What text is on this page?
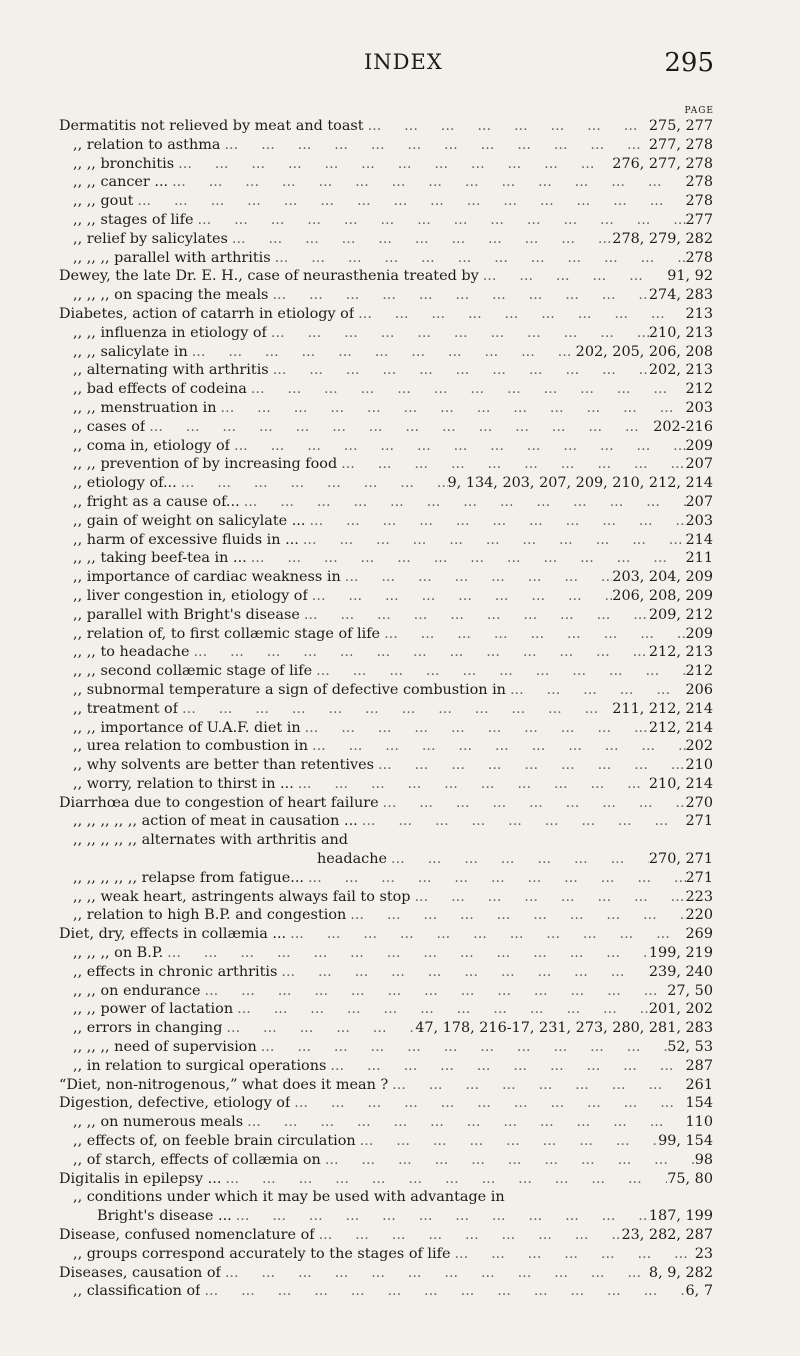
INDEX	295
PAGE
Dermatitis not relieved by meat and toast ...	275, 277
,, relation to asthma ...	277, 278
,, ,, bronchitis ...	276, 277, 278
,, ,, cancer ... ...	278
,, ,, gout ...	278
,, ,, stages of life ...	277
,, relief by salicylates ...	278, 279, 282
,, ,, ,, parallel with arthritis ...	278
Dewey, the late Dr. E. H., case of neurasthenia treated by ...	91, 92
,, ,, ,, on spacing the meals ...	274, 283
Diabetes, action of catarrh in etiology of ...	213
,, ,, influenza in etiology of ...	210, 213
,, ,, salicylate in ...	202, 205, 206, 208
,, alternating with arthritis ...	202, 213
,, bad effects of codeina ...	212
,, ,, menstruation in ...	203
,, cases of ...	202-216
,, coma in, etiology of ...	209
,, ,, prevention of by increasing food ...	207
,, etiology of... ...	9, 134, 203, 207, 209, 210, 212, 214
,, fright as a cause of... ...	207
,, gain of weight on salicylate ... ...	203
,, harm of excessive fluids in ... ...	214
,, ,, taking beef-tea in ... ...	211
,, importance of cardiac weakness in ...	203, 204, 209
,, liver congestion in, etiology of ...	206, 208, 209
,, parallel with Bright's disease ...	209, 212
,, relation of, to first collæmic stage of life ...	209
,, ,, to headache ...	212, 213
,, ,, second collæmic stage of life ...	212
,, subnormal temperature a sign of defective combustion in ...	206
,, treatment of ...	211, 212, 214
,, ,, importance of U.A.F. diet in ...	212, 214
,, urea relation to combustion in ...	202
,, why solvents are better than retentives ...	210
,, worry, relation to thirst in ... ...	210, 214
Diarrhœa due to congestion of heart failure ...	270
,, ,, ,, ,, ,, action of meat in causation ... ...	271
,, ,, ,, ,, ,, alternates with arthritis and
headache ...	270, 271
,, ,, ,, ,, ,, relapse from fatigue... ...	271
,, ,, weak heart, astringents always fail to stop ...	223
,, relation to high B.P. and congestion ...	220
Diet, dry, effects in collæmia ... ...	269
,, ,, ,, on B.P. ...	199, 219
,, effects in chronic arthritis ...	239, 240
,, ,, on endurance ...	27, 50
,, ,, power of lactation ...	201, 202
,, errors in changing ...	47, 178, 216-17, 231, 273, 280, 281, 283
,, ,, ,, need of supervision ...	52, 53
,, in relation to surgical operations ...	287
“Diet, non-nitrogenous,” what does it mean ? ...	261
Digestion, defective, etiology of ...	154
,, ,, on numerous meals ...	110
,, effects of, on feeble brain circulation ...	99, 154
,, of starch, effects of collæmia on ...	98
Digitalis in epilepsy ... ...	75, 80
,, conditions under which it may be used with advantage in
Bright's disease ... ...	187, 199
Disease, confused nomenclature of ...	23, 282, 287
,, groups correspond accurately to the stages of life ...	23
Diseases, causation of ...	8, 9, 282
,, classification of ...	6, 7
